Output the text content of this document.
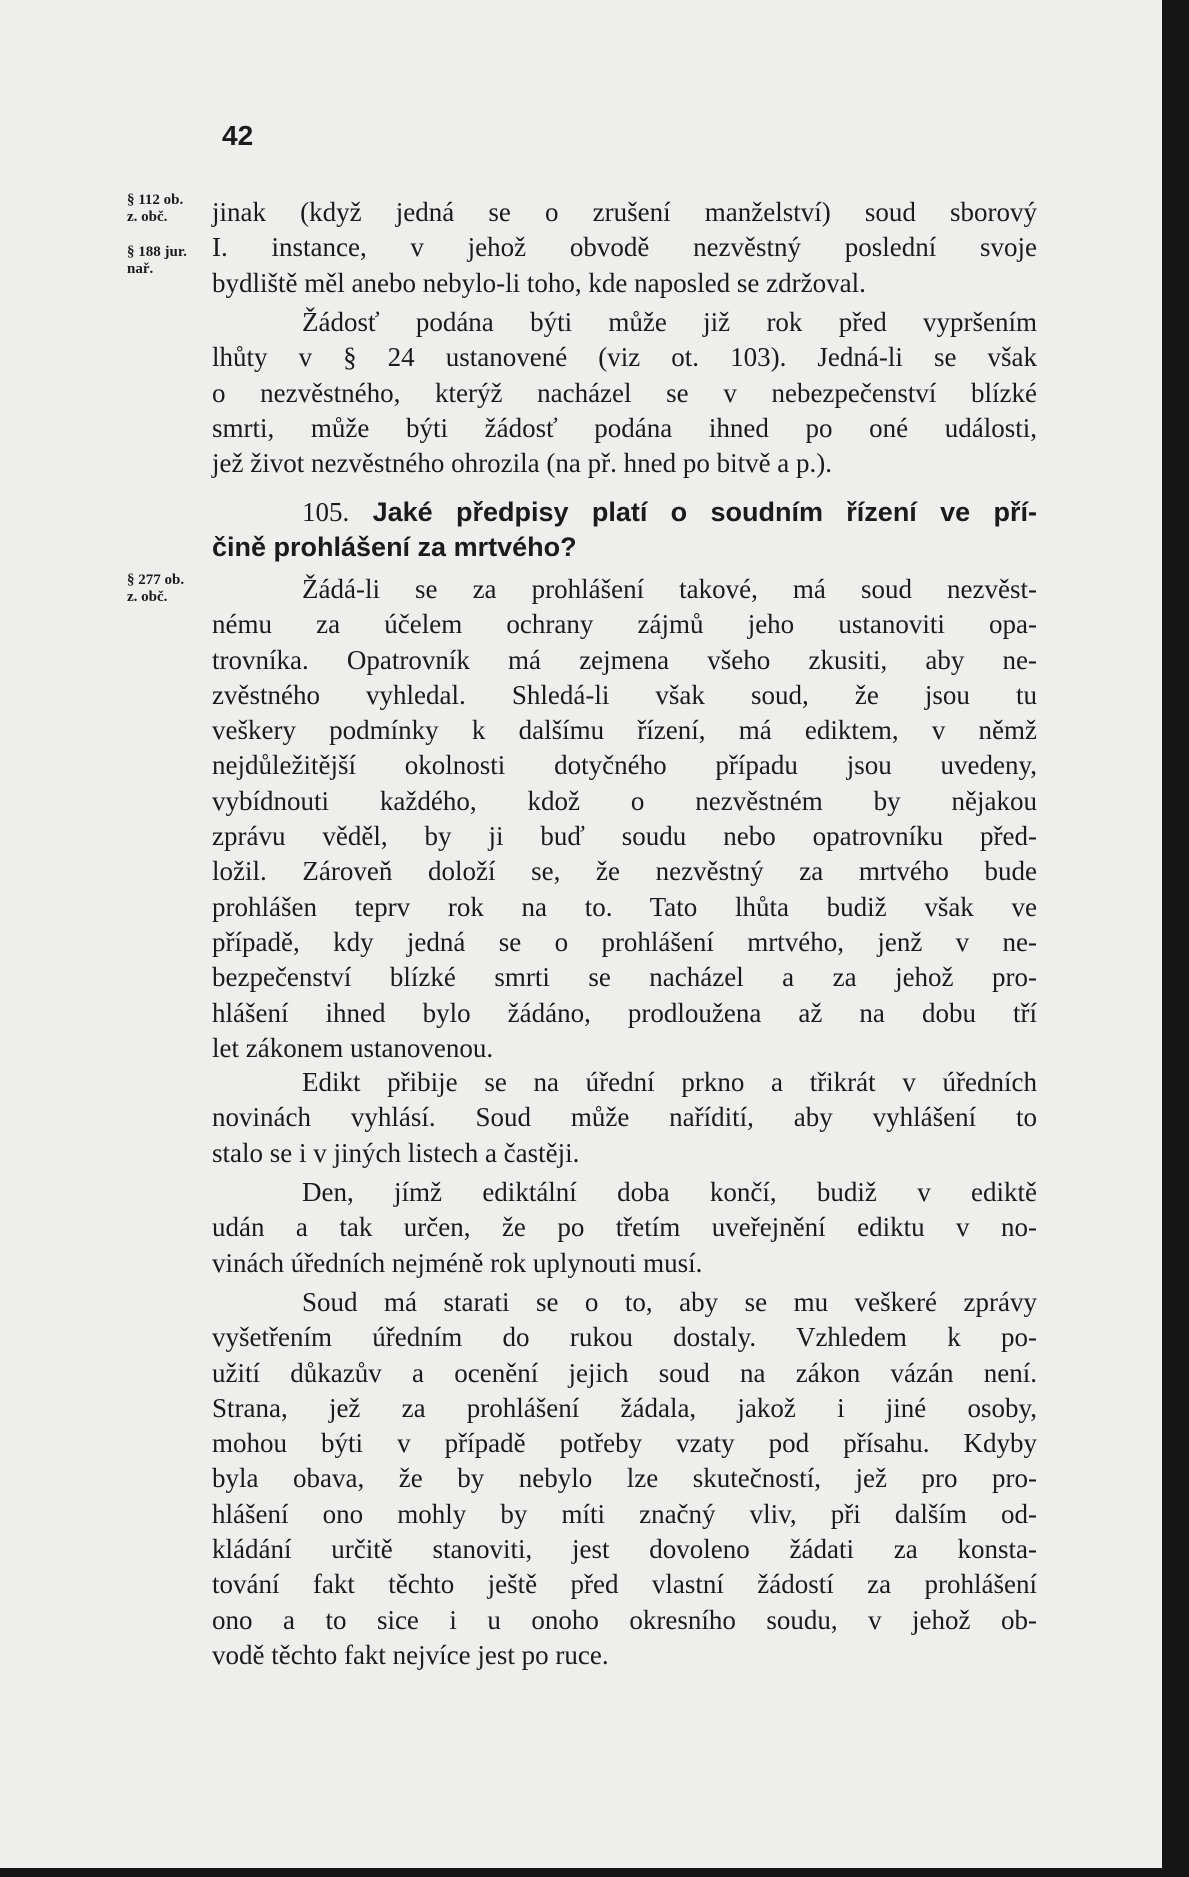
42
§ 112 ob.
z. obč.
§ 188 jur.
nař.
§ 277 ob.
z. obč.
jinak (když jedná se o zrušení manželství) soud sborový
I. instance, v jehož obvodě nezvěstný poslední svoje
bydliště měl anebo nebylo-li toho, kde naposled se zdržoval.
Žádosť podána býti může již rok před vypršením
lhůty v § 24 ustanovené (viz ot. 103). Jedná-li se však
o nezvěstného, kterýž nacházel se v nebezpečenství blízké
smrti, může býti žádosť podána ihned po oné události,
jež život nezvěstného ohrozila (na př. hned po bitvě a p.).
105. Jaké předpisy platí o soudním řízení ve pří-
čině prohlášení za mrtvého?
Žádá-li se za prohlášení takové, má soud nezvěst-
nému za účelem ochrany zájmů jeho ustanoviti opa-
trovníka. Opatrovník má zejmena všeho zkusiti, aby ne-
zvěstného vyhledal. Shledá-li však soud, že jsou tu
veškery podmínky k dalšímu řízení, má ediktem, v němž
nejdůležitější okolnosti dotyčného případu jsou uvedeny,
vybídnouti každého, kdož o nezvěstném by nějakou
zprávu věděl, by ji buď soudu nebo opatrovníku před-
ložil. Zároveň doloží se, že nezvěstný za mrtvého bude
prohlášen teprv rok na to. Tato lhůta budiž však ve
případě, kdy jedná se o prohlášení mrtvého, jenž v ne-
bezpečenství blízké smrti se nacházel a za jehož pro-
hlášení ihned bylo žádáno, prodloužena až na dobu tří
let zákonem ustanovenou.
Edikt přibije se na úřední prkno a třikrát v úředních
novinách vyhlásí. Soud může nařídití, aby vyhlášení to
stalo se i v jiných listech a častěji.
Den, jímž ediktální doba končí, budiž v ediktě
udán a tak určen, že po třetím uveřejnění ediktu v no-
vinách úředních nejméně rok uplynouti musí.
Soud má starati se o to, aby se mu veškeré zprávy
vyšetřením úředním do rukou dostaly. Vzhledem k po-
užití důkazův a ocenění jejich soud na zákon vázán není.
Strana, jež za prohlášení žádala, jakož i jiné osoby,
mohou býti v případě potřeby vzaty pod přísahu. Kdyby
byla obava, že by nebylo lze skutečností, jež pro pro-
hlášení ono mohly by míti značný vliv, při dalším od-
kládání určitě stanoviti, jest dovoleno žádati za konsta-
tování fakt těchto ještě před vlastní žádostí za prohlášení
ono a to sice i u onoho okresního soudu, v jehož ob-
vodě těchto fakt nejvíce jest po ruce.
